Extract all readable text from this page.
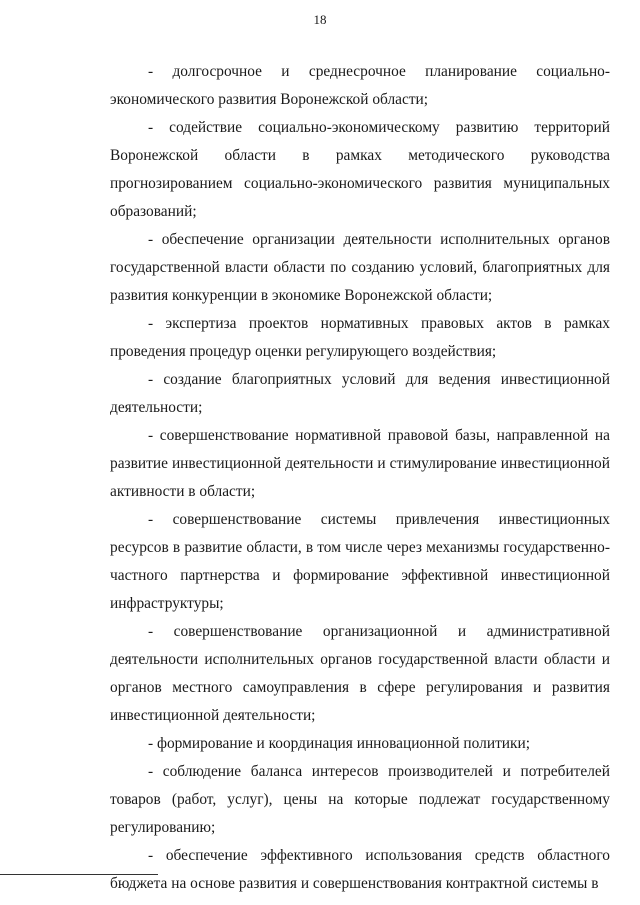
18

- долгосрочное и среднесрочное планирование социально-экономического развития Воронежской области;

- содействие социально-экономическому развитию территорий Воронежской области в рамках методического руководства прогнозированием социально-экономического развития муниципальных образований;

- обеспечение организации деятельности исполнительных органов государственной власти области по созданию условий, благоприятных для развития конкуренции в экономике Воронежской области;

- экспертиза проектов нормативных правовых актов в рамках проведения процедур оценки регулирующего воздействия;

- создание благоприятных условий для ведения инвестиционной деятельности;

- совершенствование нормативной правовой базы, направленной на развитие инвестиционной деятельности и стимулирование инвестиционной активности в области;

- совершенствование системы привлечения инвестиционных ресурсов в развитие области, в том числе через механизмы государственно-частного партнерства и формирование эффективной инвестиционной инфраструктуры;

- совершенствование организационной и административной деятельности исполнительных органов государственной власти области и органов местного самоуправления в сфере регулирования и развития инвестиционной деятельности;

- формирование и координация инновационной политики;

- соблюдение баланса интересов производителей и потребителей товаров (работ, услуг), цены на которые подлежат государственному регулированию;

- обеспечение эффективного использования средств областного бюджета на основе развития и совершенствования контрактной системы в
